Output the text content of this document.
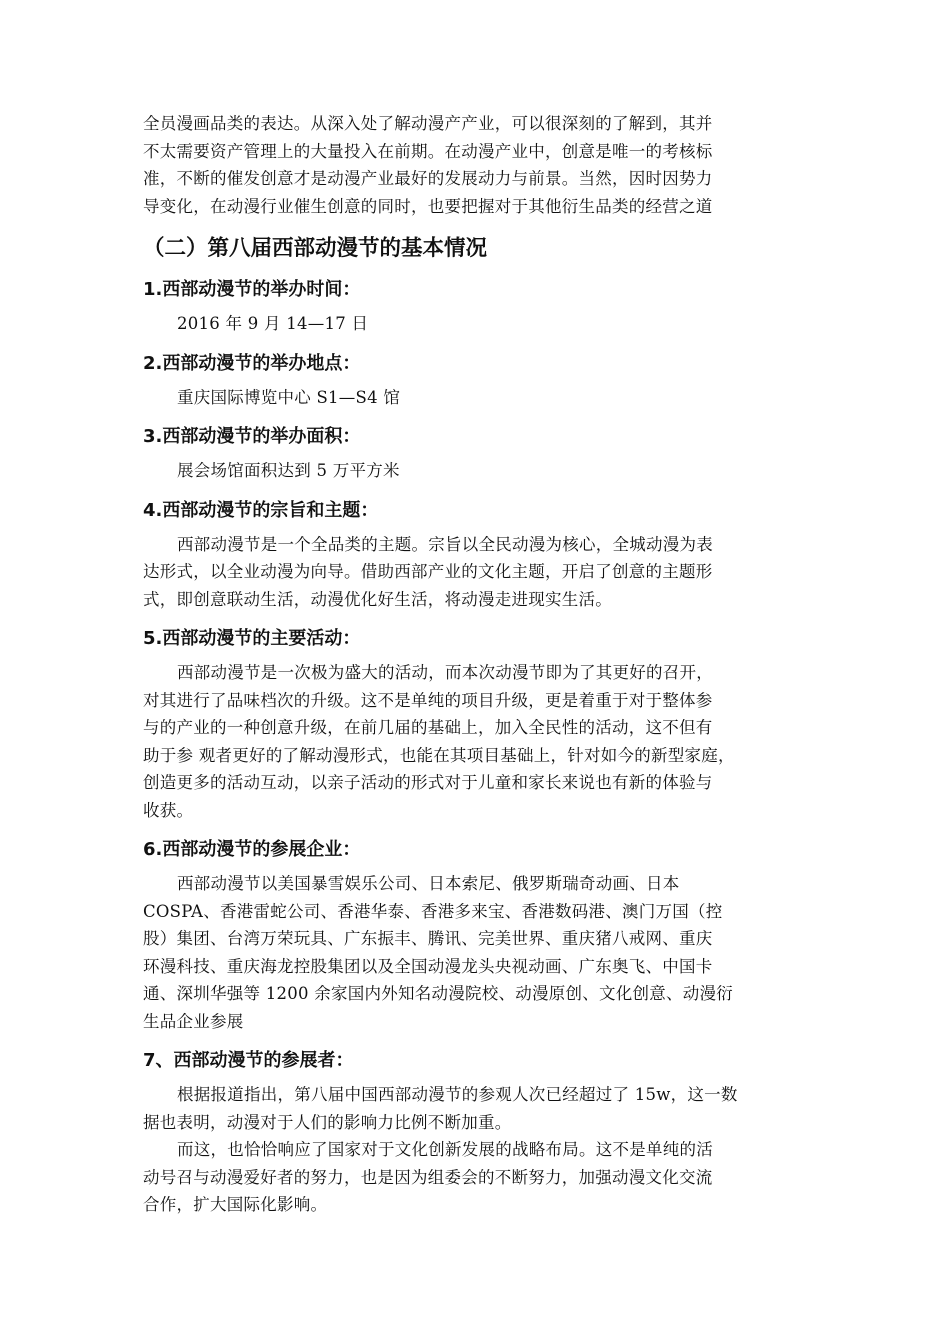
全员漫画品类的表达。从深入处了解动漫产产业，可以很深刻的了解到，其并
不太需要资产管理上的大量投入在前期。在动漫产业中，创意是唯一的考核标
准，不断的催发创意才是动漫产业最好的发展动力与前景。当然，因时因势力
导变化，在动漫行业催生创意的同时，也要把握对于其他衍生品类的经营之道
（二）第八届西部动漫节的基本情况
1.西部动漫节的举办时间：
2016 年 9 月 14—17 日
2.西部动漫节的举办地点：
重庆国际博览中心 S1—S4 馆
3.西部动漫节的举办面积：
展会场馆面积达到 5 万平方米
4.西部动漫节的宗旨和主题：
西部动漫节是一个全品类的主题。宗旨以全民动漫为核心，全城动漫为表
达形式，以全业动漫为向导。借助西部产业的文化主题，开启了创意的主题形
式，即创意联动生活，动漫优化好生活，将动漫走进现实生活。
5.西部动漫节的主要活动：
西部动漫节是一次极为盛大的活动，而本次动漫节即为了其更好的召开，
对其进行了品味档次的升级。这不是单纯的项目升级，更是着重于对于整体参
与的产业的一种创意升级，在前几届的基础上，加入全民性的活动，这不但有
助于参 观者更好的了解动漫形式，也能在其项目基础上，针对如今的新型家庭，
创造更多的活动互动，以亲子活动的形式对于儿童和家长来说也有新的体验与
收获。
6.西部动漫节的参展企业：
西部动漫节以美国暴雪娱乐公司、日本索尼、俄罗斯瑞奇动画、日本
COSPA、香港雷蛇公司、香港华泰、香港多来宝、香港数码港、澳门万国（控
股）集团、台湾万荣玩具、广东振丰、腾讯、完美世界、重庆猪八戒网、重庆
环漫科技、重庆海龙控股集团以及全国动漫龙头央视动画、广东奥飞、中国卡
通、深圳华强等 1200 余家国内外知名动漫院校、动漫原创、文化创意、动漫衍
生品企业参展
7、西部动漫节的参展者：
根据报道指出，第八届中国西部动漫节的参观人次已经超过了 15w，这一数
据也表明，动漫对于人们的影响力比例不断加重。
而这，也恰恰响应了国家对于文化创新发展的战略布局。这不是单纯的活
动号召与动漫爱好者的努力，也是因为组委会的不断努力，加强动漫文化交流
合作，扩大国际化影响。
